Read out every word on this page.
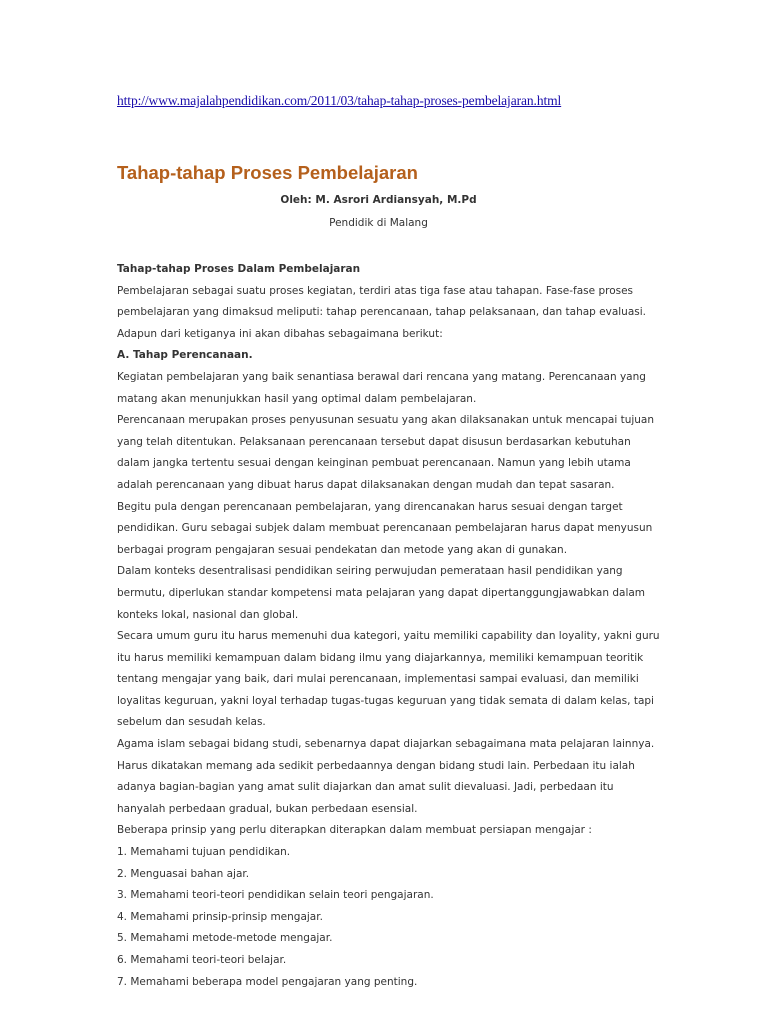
http://www.majalahpendidikan.com/2011/03/tahap-tahap-proses-pembelajaran.html
Tahap-tahap Proses Pembelajaran
Oleh: M. Asrori Ardiansyah, M.Pd
Pendidik di Malang
Tahap-tahap Proses Dalam Pembelajaran
Pembelajaran sebagai suatu proses kegiatan, terdiri atas tiga fase atau tahapan. Fase-fase proses
pembelajaran yang dimaksud meliputi: tahap perencanaan, tahap pelaksanaan, dan tahap evaluasi.
Adapun dari ketiganya ini akan dibahas sebagaimana berikut:
A. Tahap Perencanaan.
Kegiatan pembelajaran yang baik senantiasa berawal dari rencana yang matang. Perencanaan yang
matang akan menunjukkan hasil yang optimal dalam pembelajaran.
Perencanaan merupakan proses penyusunan sesuatu yang akan dilaksanakan untuk mencapai tujuan
yang telah ditentukan. Pelaksanaan perencanaan tersebut dapat disusun berdasarkan kebutuhan
dalam jangka tertentu sesuai dengan keinginan pembuat perencanaan. Namun yang lebih utama
adalah perencanaan yang dibuat harus dapat dilaksanakan dengan mudah dan tepat sasaran.
Begitu pula dengan perencanaan pembelajaran, yang direncanakan harus sesuai dengan target
pendidikan. Guru sebagai subjek dalam membuat perencanaan pembelajaran harus dapat menyusun
berbagai program pengajaran sesuai pendekatan dan metode yang akan di gunakan.
Dalam konteks desentralisasi pendidikan seiring perwujudan pemerataan hasil pendidikan yang
bermutu, diperlukan standar kompetensi mata pelajaran yang dapat dipertanggungjawabkan dalam
konteks lokal, nasional dan global.
Secara umum guru itu harus memenuhi dua kategori, yaitu memiliki capability dan loyality, yakni guru
itu harus memiliki kemampuan dalam bidang ilmu yang diajarkannya, memiliki kemampuan teoritik
tentang mengajar yang baik, dari mulai perencanaan, implementasi sampai evaluasi, dan memiliki
loyalitas keguruan, yakni loyal terhadap tugas-tugas keguruan yang tidak semata di dalam kelas, tapi
sebelum dan sesudah kelas.
Agama islam sebagai bidang studi, sebenarnya dapat diajarkan sebagaimana mata pelajaran lainnya.
Harus dikatakan memang ada sedikit perbedaannya dengan bidang studi lain. Perbedaan itu ialah
adanya bagian-bagian yang amat sulit diajarkan dan amat sulit dievaluasi. Jadi, perbedaan itu
hanyalah perbedaan gradual, bukan perbedaan esensial.
Beberapa prinsip yang perlu diterapkan diterapkan dalam membuat persiapan mengajar :
1. Memahami tujuan pendidikan.
2. Menguasai bahan ajar.
3. Memahami teori-teori pendidikan selain teori pengajaran.
4. Memahami prinsip-prinsip mengajar.
5. Memahami metode-metode mengajar.
6. Memahami teori-teori belajar.
7. Memahami beberapa model pengajaran yang penting.
